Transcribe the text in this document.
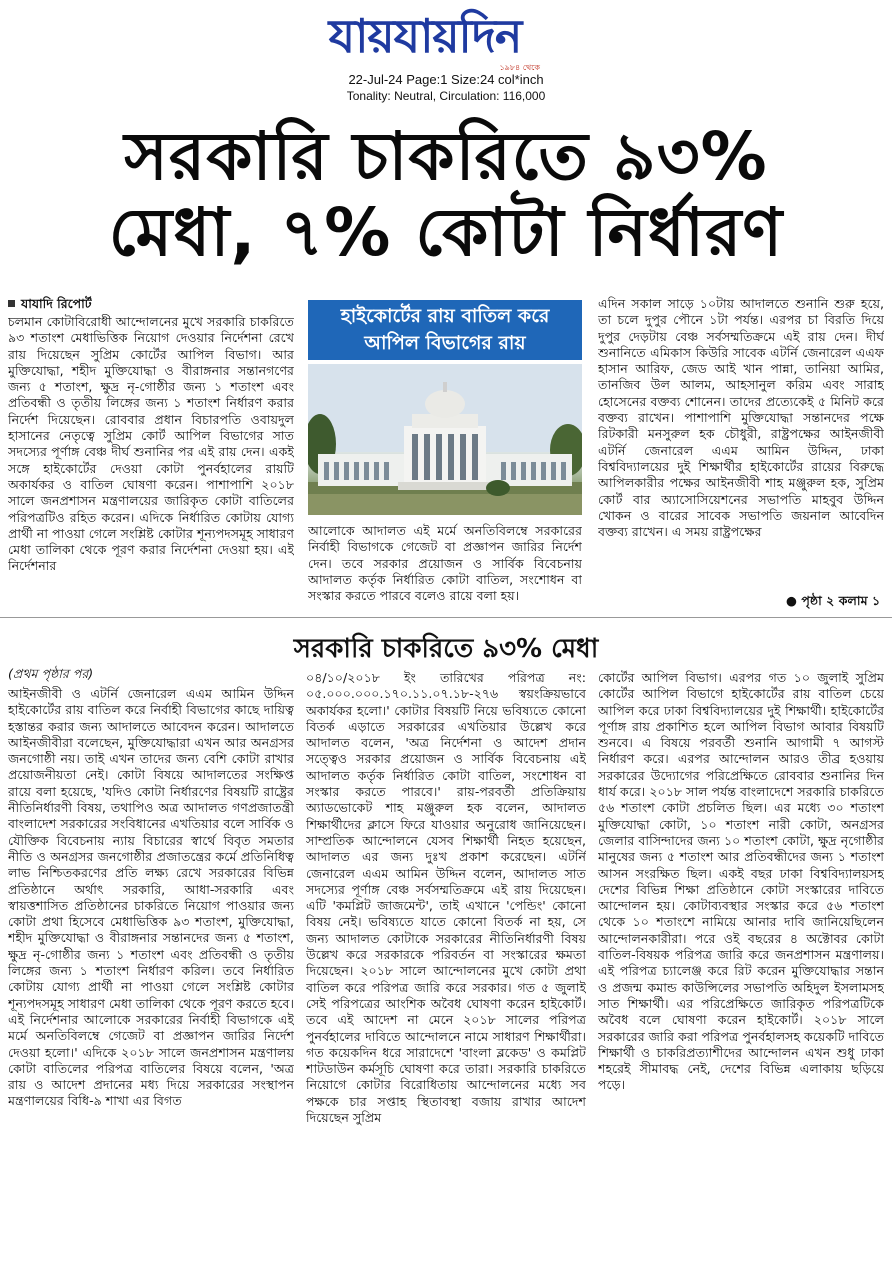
যায়যায়দিন
১৯৮৪ থেকে
22-Jul-24 Page:1 Size:24 col*inch
Tonality: Neutral, Circulation: 116,000
সরকারি চাকরিতে ৯৩%
মেধা, ৭% কোটা নির্ধারণ
যাযাদি রিপোর্ট

চলমান কোটাবিরোধী আন্দোলনের মুখে সরকারি চাকরিতে ৯৩ শতাংশ মেধাভিত্তিক নিয়োগ দেওয়ার নির্দেশনা রেখে রায় দিয়েছেন সুপ্রিম কোর্টের আপিল বিভাগ। আর মুক্তিযোদ্ধা, শহীদ মুক্তিযোদ্ধা ও বীরাঙ্গনার সন্তানগণের জন্য ৫ শতাংশ, ক্ষুদ্র নৃ-গোষ্ঠীর জন্য ১ শতাংশ এবং প্রতিবন্ধী ও তৃতীয় লিঙ্গের জন্য ১ শতাংশ নির্ধারণ করার নির্দেশ দিয়েছেন। রোববার প্রধান বিচারপতি ওবায়দুল হাসানের নেতৃত্বে সুপ্রিম কোর্ট আপিল বিভাগের সাত সদস্যের পূর্ণাঙ্গ বেঞ্চ দীর্ঘ শুনানির পর এই রায় দেন। একই সঙ্গে হাইকোর্টের দেওয়া কোটা পুনর্বহালের রায়টি অকার্যকর ও বাতিল ঘোষণা করেন। পাশাপাশি ২০১৮ সালে জনপ্রশাসন মন্ত্রণালয়ের জারিকৃত কোটা বাতিলের পরিপত্রটিও রহিত করেন। এদিকে নির্ধারিত কোটায় যোগ্য প্রার্থী না পাওয়া গেলে সংশ্লিষ্ট কোটার শূন্যপদসমূহ সাধারণ মেধা তালিকা থেকে পূরণ করার নির্দেশনা দেওয়া হয়। এই নির্দেশনার

হাইকোর্টের রায় বাতিল করে
আপিল বিভাগের রায়

আলোকে আদালত এই মর্মে অনতিবিলম্বে সরকারের নির্বাহী বিভাগকে গেজেট বা প্রজ্ঞাপন জারির নির্দেশ দেন। তবে সরকার প্রয়োজন ও সার্বিক বিবেচনায় আদালত কর্তৃক নির্ধারিত কোটা বাতিল, সংশোধন বা সংস্কার করতে পারবে বলেও রায়ে বলা হয়।

এদিন সকাল সাড়ে ১০টায় আদালতে শুনানি শুরু হয়ে, তা চলে দুপুর পৌনে ১টা পর্যন্ত। এরপর চা বিরতি দিয়ে দুপুর দেড়টায় বেঞ্চ সর্বসম্মতিক্রমে এই রায় দেন। দীর্ঘ শুনানিতে এমিকাস কিউরি সাবেক এটর্নি জেনারেল এএফ হাসান আরিফ, জেড আই খান পান্না, তানিয়া আমির, তানজিব উল আলম, আহসানুল করিম এবং সারাহ হোসেনের বক্তব্য শোনেন। তাদের প্রত্যেকেই ৫ মিনিট করে বক্তব্য রাখেন। পাশাপাশি মুক্তিযোদ্ধা সন্তানদের পক্ষে রিটকারী মনসুরুল হক চৌধুরী, রাষ্ট্রপক্ষের আইনজীবী এটর্নি জেনারেল এএম আমিন উদ্দিন, ঢাকা বিশ্ববিদ্যালয়ের দুই শিক্ষার্থীর হাইকোর্টের রায়ের বিরুদ্ধে আপিলকারীর পক্ষের আইনজীবী শাহ মঞ্জুরুল হক, সুপ্রিম কোর্ট বার অ্যাসোসিয়েশনের সভাপতি মাহবুব উদ্দিন খোকন ও বারের সাবেক সভাপতি জয়নাল আবেদিন বক্তব্য রাখেন। এ সময় রাষ্ট্রপক্ষের

● পৃষ্ঠা ২ কলাম ১
সরকারি চাকরিতে ৯৩% মেধা
(প্রথম পৃষ্ঠার পর)

আইনজীবী ও এটর্নি জেনারেল এএম আমিন উদ্দিন হাইকোর্টের রায় বাতিল করে নির্বাহী বিভাগের কাছে দায়িত্ব হস্তান্তর করার জন্য আদালতে আবেদন করেন। আদালতে আইনজীবীরা বলেছেন, মুক্তিযোদ্ধারা এখন আর অনগ্রসর জনগোষ্ঠী নয়। তাই এখন তাদের জন্য বেশি কোটা রাখার প্রয়োজনীয়তা নেই। কোটা বিষয়ে আদালতের সংক্ষিপ্ত রায়ে বলা হয়েছে, 'যদিও কোটা নির্ধারণের বিষয়টি রাষ্ট্রের নীতিনির্ধারণী বিষয়, তথাপিও অত্র আদালত গণপ্রজাতন্ত্রী বাংলাদেশ সরকারের সংবিধানের এখতিয়ার বলে সার্বিক ও যৌক্তিক বিবেচনায় ন্যায় বিচারের স্বার্থে বিবৃত সমতার নীতি ও অনগ্রসর জনগোষ্ঠীর প্রজাতন্ত্রের কর্মে প্রতিনিধিত্ব লাভ নিশ্চিতকরণের প্রতি লক্ষ্য রেখে সরকারের বিভিন্ন প্রতিষ্ঠানে অর্থাৎ সরকারি, আধা-সরকারি এবং স্বায়ত্তশাসিত প্রতিষ্ঠানের চাকরিতে নিয়োগ পাওয়ার জন্য কোটা প্রথা হিসেবে মেধাভিত্তিক ৯৩ শতাংশ, মুক্তিযোদ্ধা, শহীদ মুক্তিযোদ্ধা ও বীরাঙ্গনার সন্তানদের জন্য ৫ শতাংশ, ক্ষুদ্র নৃ-গোষ্ঠীর জন্য ১ শতাংশ এবং প্রতিবন্ধী ও তৃতীয় লিঙ্গের জন্য ১ শতাংশ নির্ধারণ করিল। তবে নির্ধারিত কোটায় যোগ্য প্রার্থী না পাওয়া গেলে সংশ্লিষ্ট কোটার শূন্যপদসমূহ সাধারণ মেধা তালিকা থেকে পূরণ করতে হবে। এই নির্দেশনার আলোকে সরকারের নির্বাহী বিভাগকে এই মর্মে অনতিবিলম্বে গেজেট বা প্রজ্ঞাপন জারির নির্দেশ দেওয়া হলো।' এদিকে ২০১৮ সালে জনপ্রশাসন মন্ত্রণালয় কোটা বাতিলের পরিপত্র বাতিলের বিষয়ে বলেন, 'অত্র রায় ও আদেশ প্রদানের মধ্য দিয়ে সরকারের সংস্থাপন মন্ত্রণালয়ের বিধি-৯ শাখা এর বিগত

০৪/১০/২০১৮ ইং তারিখের পরিপত্র নং: ০৫.০০০.০০০.১৭০.১১.০৭.১৮-২৭৬ স্বয়ংক্রিয়ভাবে অকার্যকর হলো।' কোটার বিষয়টি নিয়ে ভবিষ্যতে কোনো বিতর্ক এড়াতে সরকারের এখতিয়ার উল্লেখ করে আদালত বলেন, 'অত্র নির্দেশনা ও আদেশ প্রদান সত্ত্বেও সরকার প্রয়োজন ও সার্বিক বিবেচনায় এই আদালত কর্তৃক নির্ধারিত কোটা বাতিল, সংশোধন বা সংস্কার করতে পারবে।' রায়-পরবর্তী প্রতিক্রিয়ায় অ্যাডভোকেট শাহ মঞ্জুরুল হক বলেন, আদালত শিক্ষার্থীদের ক্লাসে ফিরে যাওয়ার অনুরোধ জানিয়েছেন। সাম্প্রতিক আন্দোলনে যেসব শিক্ষার্থী নিহত হয়েছেন, আদালত এর জন্য দুঃখ প্রকাশ করেছেন। এটর্নি জেনারেল এএম আমিন উদ্দিন বলেন, আদালত সাত সদস্যের পূর্ণাঙ্গ বেঞ্চ সর্বসম্মতিক্রমে এই রায় দিয়েছেন। এটি 'কমপ্লিট জাজমেন্ট', তাই এখানে 'পেন্ডিং' কোনো বিষয় নেই। ভবিষ্যতে যাতে কোনো বিতর্ক না হয়, সে জন্য আদালত কোটাকে সরকারের নীতিনির্ধারণী বিষয় উল্লেখ করে সরকারকে পরিবর্তন বা সংস্কারের ক্ষমতা দিয়েছেন। ২০১৮ সালে আন্দোলনের মুখে কোটা প্রথা বাতিল করে পরিপত্র জারি করে সরকার। গত ৫ জুলাই সেই পরিপত্রের আংশিক অবৈধ ঘোষণা করেন হাইকোর্ট। তবে এই আদেশ না মেনে ২০১৮ সালের পরিপত্র পুনর্বহালের দাবিতে আন্দোলনে নামে সাধারণ শিক্ষার্থীরা। গত কয়েকদিন ধরে সারাদেশে 'বাংলা ব্লকেড' ও কমপ্লিট শাটডাউন কর্মসূচি ঘোষণা করে তারা। সরকারি চাকরিতে নিয়োগে কোটার বিরোধিতায় আন্দোলনের মধ্যে সব পক্ষকে চার সপ্তাহ স্থিতাবস্থা বজায় রাখার আদেশ দিয়েছেন সুপ্রিম

কোর্টের আপিল বিভাগ। এরপর গত ১০ জুলাই সুপ্রিম কোর্টের আপিল বিভাগে হাইকোর্টের রায় বাতিল চেয়ে আপিল করে ঢাকা বিশ্ববিদ্যালয়ের দুই শিক্ষার্থী। হাইকোর্টের পূর্ণাঙ্গ রায় প্রকাশিত হলে আপিল বিভাগ আবার বিষয়টি শুনবে। এ বিষয়ে পরবর্তী শুনানি আগামী ৭ আগস্ট নির্ধারণ করে। এরপর আন্দোলন আরও তীব্র হওয়ায় সরকারের উদ্যোগের পরিপ্রেক্ষিতে রোববার শুনানির দিন ধার্য করে। ২০১৮ সাল পর্যন্ত বাংলাদেশে সরকারি চাকরিতে ৫৬ শতাংশ কোটা প্রচলিত ছিল। এর মধ্যে ৩০ শতাংশ মুক্তিযোদ্ধা কোটা, ১০ শতাংশ নারী কোটা, অনগ্রসর জেলার বাসিন্দাদের জন্য ১০ শতাংশ কোটা, ক্ষুদ্র নৃগোষ্ঠীর মানুষের জন্য ৫ শতাংশ আর প্রতিবন্ধীদের জন্য ১ শতাংশ আসন সংরক্ষিত ছিল। একই বছর ঢাকা বিশ্ববিদ্যালয়সহ দেশের বিভিন্ন শিক্ষা প্রতিষ্ঠানে কোটা সংস্কারের দাবিতে আন্দোলন হয়। কোটাব্যবস্থার সংস্কার করে ৫৬ শতাংশ থেকে ১০ শতাংশে নামিয়ে আনার দাবি জানিয়েছিলেন আন্দোলনকারীরা। পরে ওই বছরের ৪ অক্টোবর কোটা বাতিল-বিষয়ক পরিপত্র জারি করে জনপ্রশাসন মন্ত্রণালয়। এই পরিপত্র চ্যালেঞ্জ করে রিট করেন মুক্তিযোদ্ধার সন্তান ও প্রজন্ম কমান্ড কাউন্সিলের সভাপতি অহিদুল ইসলামসহ সাত শিক্ষার্থী। এর পরিপ্রেক্ষিতে জারিকৃত পরিপত্রটিকে অবৈধ বলে ঘোষণা করেন হাইকোর্ট। ২০১৮ সালে সরকারের জারি করা পরিপত্র পুনর্বহালসহ কয়েকটি দাবিতে শিক্ষার্থী ও চাকরিপ্রত্যাশীদের আন্দোলন এখন শুধু ঢাকা শহরেই সীমাবদ্ধ নেই, দেশের বিভিন্ন এলাকায় ছড়িয়ে পড়ে।
